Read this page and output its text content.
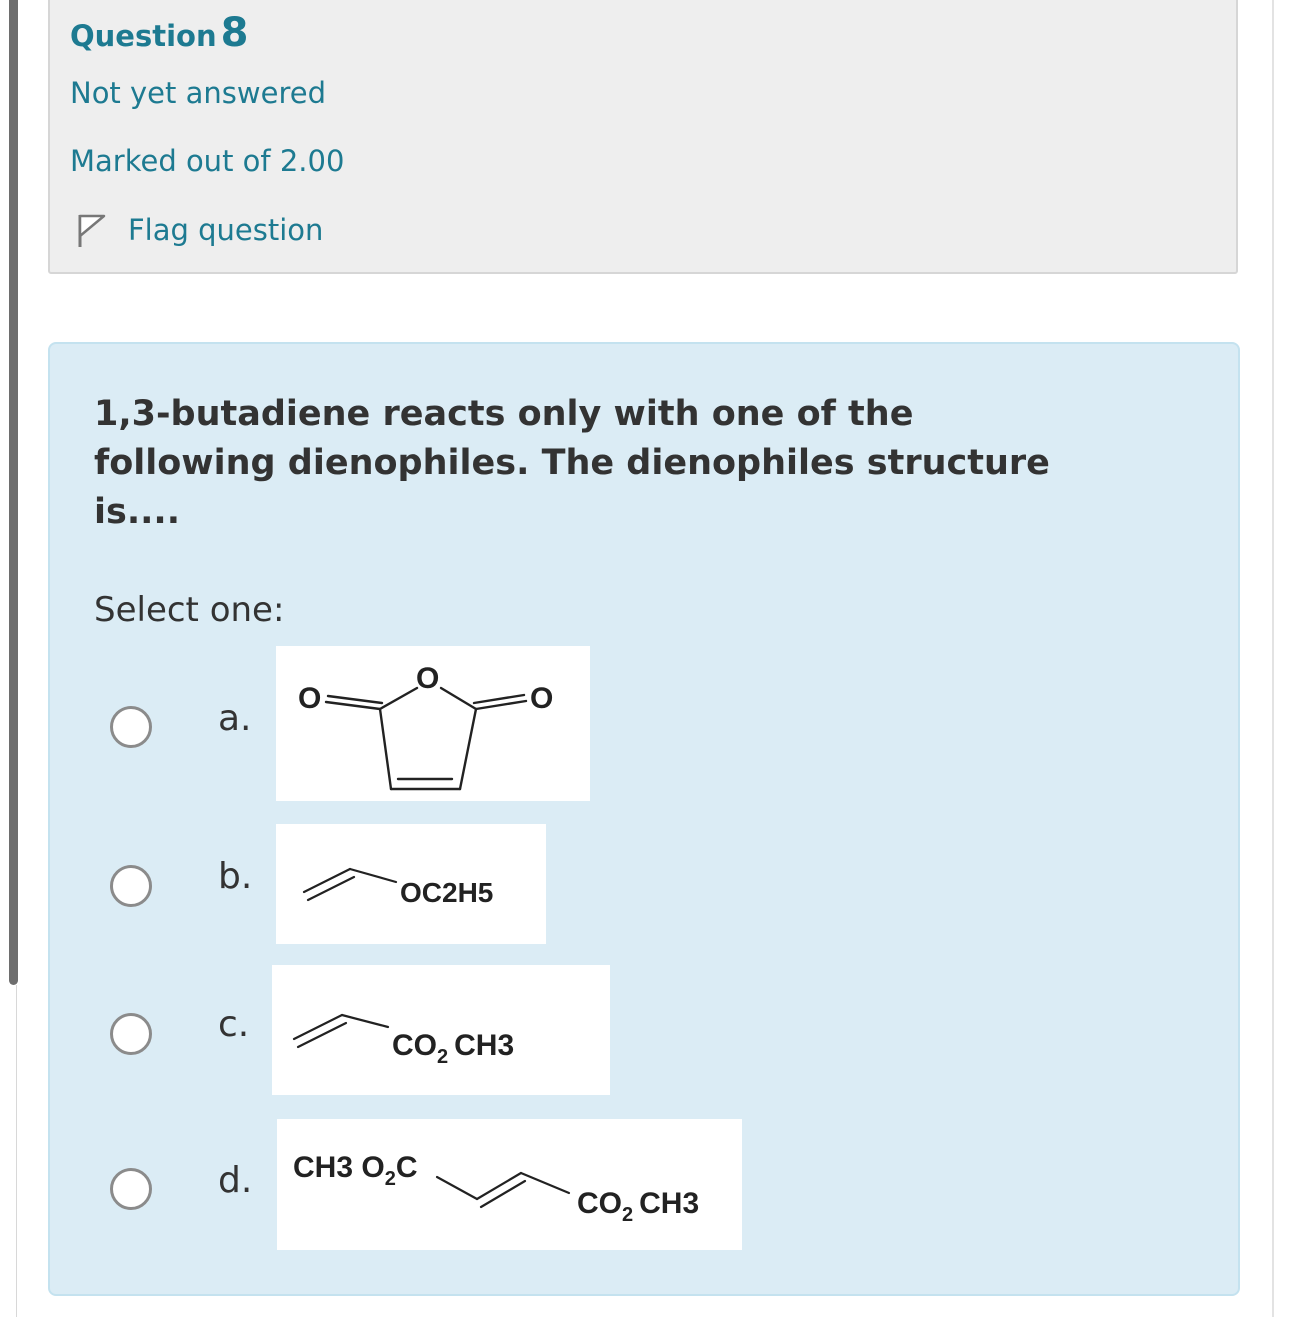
Question 8
Not yet answered
Marked out of 2.00
Flag question
1,3-butadiene reacts only with one of the following dienophiles. The dienophiles structure is....
Select one:
a.
O
O	O
b.	OC2H5
c.
$CO_2$ CH3
d. CH3 $O_2C$
$CO_2$ CH3
